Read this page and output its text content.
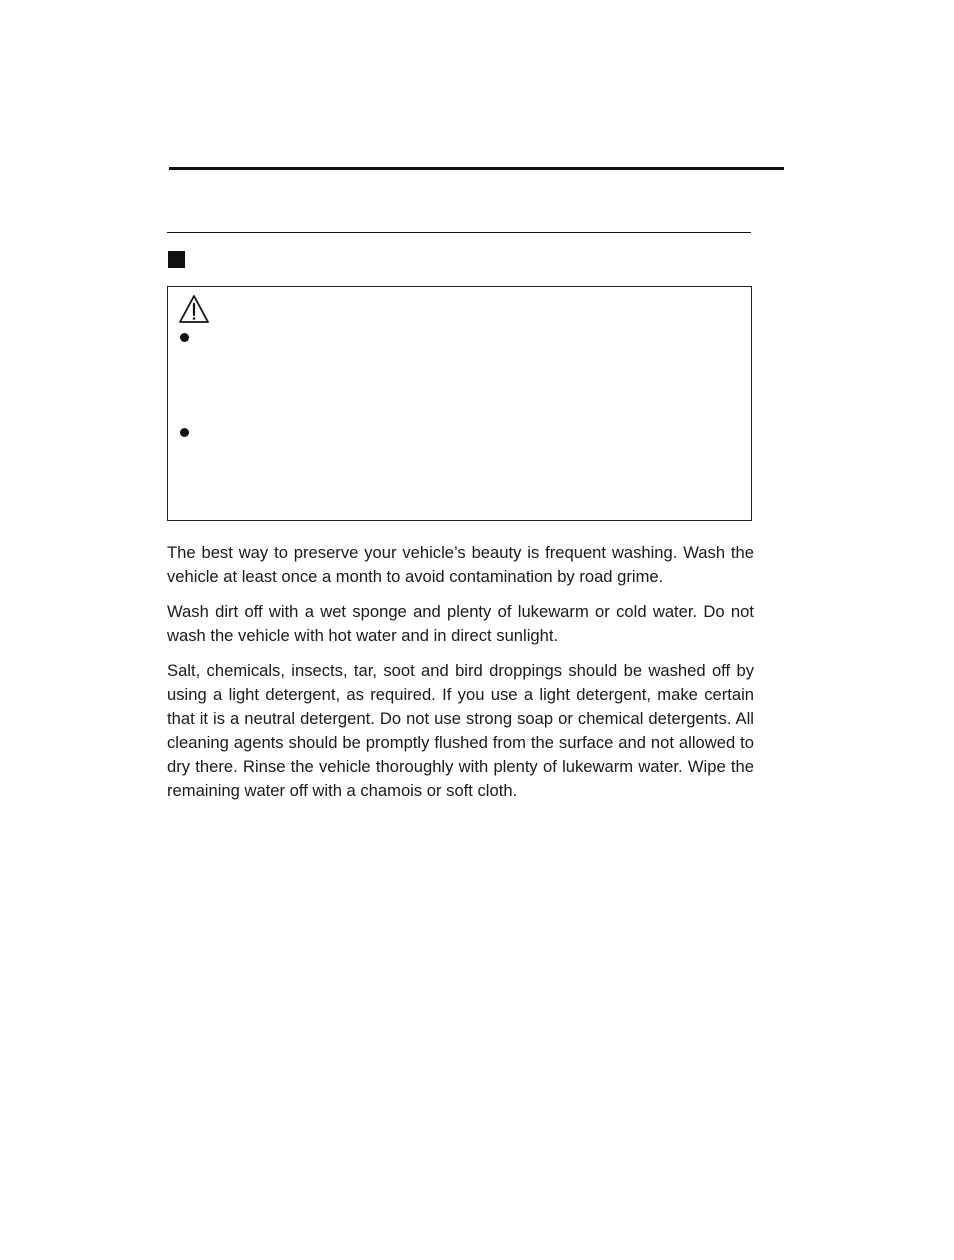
The best way to preserve your vehicle’s beauty is frequent washing. Wash the vehicle at least once a month to avoid contamination by road grime.

Wash dirt off with a wet sponge and plenty of lukewarm or cold water. Do not wash the vehicle with hot water and in direct sunlight.

Salt, chemicals, insects, tar, soot and bird droppings should be washed off by using a light detergent, as required. If you use a light detergent, make certain that it is a neutral detergent. Do not use strong soap or chemical detergents. All cleaning agents should be promptly flushed from the surface and not allowed to dry there. Rinse the vehicle thoroughly with plenty of lukewarm water. Wipe the remaining water off with a chamois or soft cloth.
